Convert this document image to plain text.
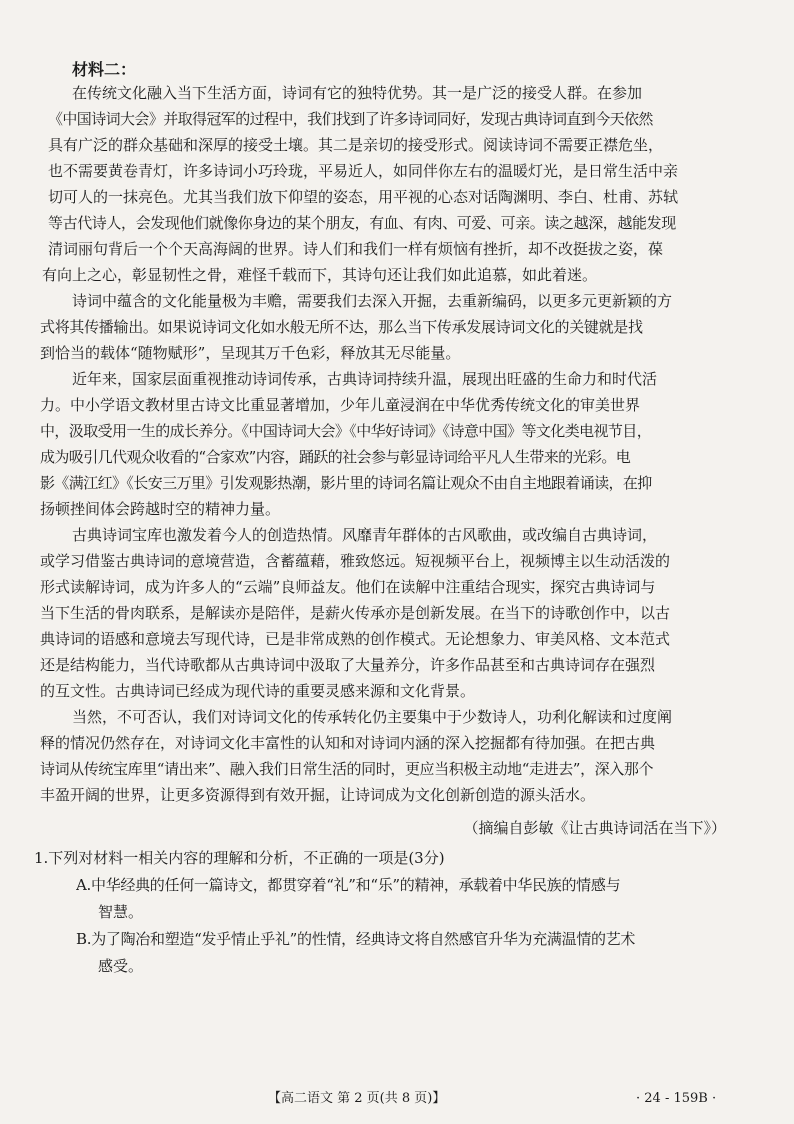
材料二：
在传统文化融入当下生活方面，诗词有它的独特优势。其一是广泛的接受人群。在参加
《中国诗词大会》并取得冠军的过程中，我们找到了许多诗词同好，发现古典诗词直到今天依然
具有广泛的群众基础和深厚的接受土壤。其二是亲切的接受形式。阅读诗词不需要正襟危坐，
也不需要黄卷青灯，许多诗词小巧玲珑，平易近人，如同伴你左右的温暖灯光，是日常生活中亲
切可人的一抹亮色。尤其当我们放下仰望的姿态，用平视的心态对话陶渊明、李白、杜甫、苏轼
等古代诗人，会发现他们就像你身边的某个朋友，有血、有肉、可爱、可亲。读之越深，越能发现
清词丽句背后一个个天高海阔的世界。诗人们和我们一样有烦恼有挫折，却不改挺拔之姿，葆
有向上之心，彰显韧性之骨，难怪千载而下，其诗句还让我们如此追慕，如此着迷。
诗词中蕴含的文化能量极为丰赡，需要我们去深入开掘，去重新编码，以更多元更新颖的方
式将其传播输出。如果说诗词文化如水般无所不达，那么当下传承发展诗词文化的关键就是找
到恰当的载体“随物赋形”，呈现其万千色彩，释放其无尽能量。
近年来，国家层面重视推动诗词传承，古典诗词持续升温，展现出旺盛的生命力和时代活
力。中小学语文教材里古诗文比重显著增加，少年儿童浸润在中华优秀传统文化的审美世界
中，汲取受用一生的成长养分。《中国诗词大会》《中华好诗词》《诗意中国》等文化类电视节目，
成为吸引几代观众收看的“合家欢”内容，踊跃的社会参与彰显诗词给平凡人生带来的光彩。电
影《满江红》《长安三万里》引发观影热潮，影片里的诗词名篇让观众不由自主地跟着诵读，在抑
扬顿挫间体会跨越时空的精神力量。
古典诗词宝库也激发着今人的创造热情。风靡青年群体的古风歌曲，或改编自古典诗词，
或学习借鉴古典诗词的意境营造，含蓄蕴藉，雅致悠远。短视频平台上，视频博主以生动活泼的
形式读解诗词，成为许多人的“云端”良师益友。他们在读解中注重结合现实，探究古典诗词与
当下生活的骨肉联系，是解读亦是陪伴，是薪火传承亦是创新发展。在当下的诗歌创作中，以古
典诗词的语感和意境去写现代诗，已是非常成熟的创作模式。无论想象力、审美风格、文本范式
还是结构能力，当代诗歌都从古典诗词中汲取了大量养分，许多作品甚至和古典诗词存在强烈
的互文性。古典诗词已经成为现代诗的重要灵感来源和文化背景。
当然，不可否认，我们对诗词文化的传承转化仍主要集中于少数诗人，功利化解读和过度阐
释的情况仍然存在，对诗词文化丰富性的认知和对诗词内涵的深入挖掘都有待加强。在把古典
诗词从传统宝库里“请出来”、融入我们日常生活的同时，更应当积极主动地“走进去”，深入那个
丰盈开阔的世界，让更多资源得到有效开掘，让诗词成为文化创新创造的源头活水。
（摘编自彭敏《让古典诗词活在当下》）
1.下列对材料一相关内容的理解和分析，不正确的一项是(3分)
A.中华经典的任何一篇诗文，都贯穿着“礼”和“乐”的精神，承载着中华民族的情感与
智慧。
B.为了陶冶和塑造“发乎情止乎礼”的性情，经典诗文将自然感官升华为充满温情的艺术
感受。
【高二语文 第 2 页(共 8 页)】	· 24 - 159B ·
